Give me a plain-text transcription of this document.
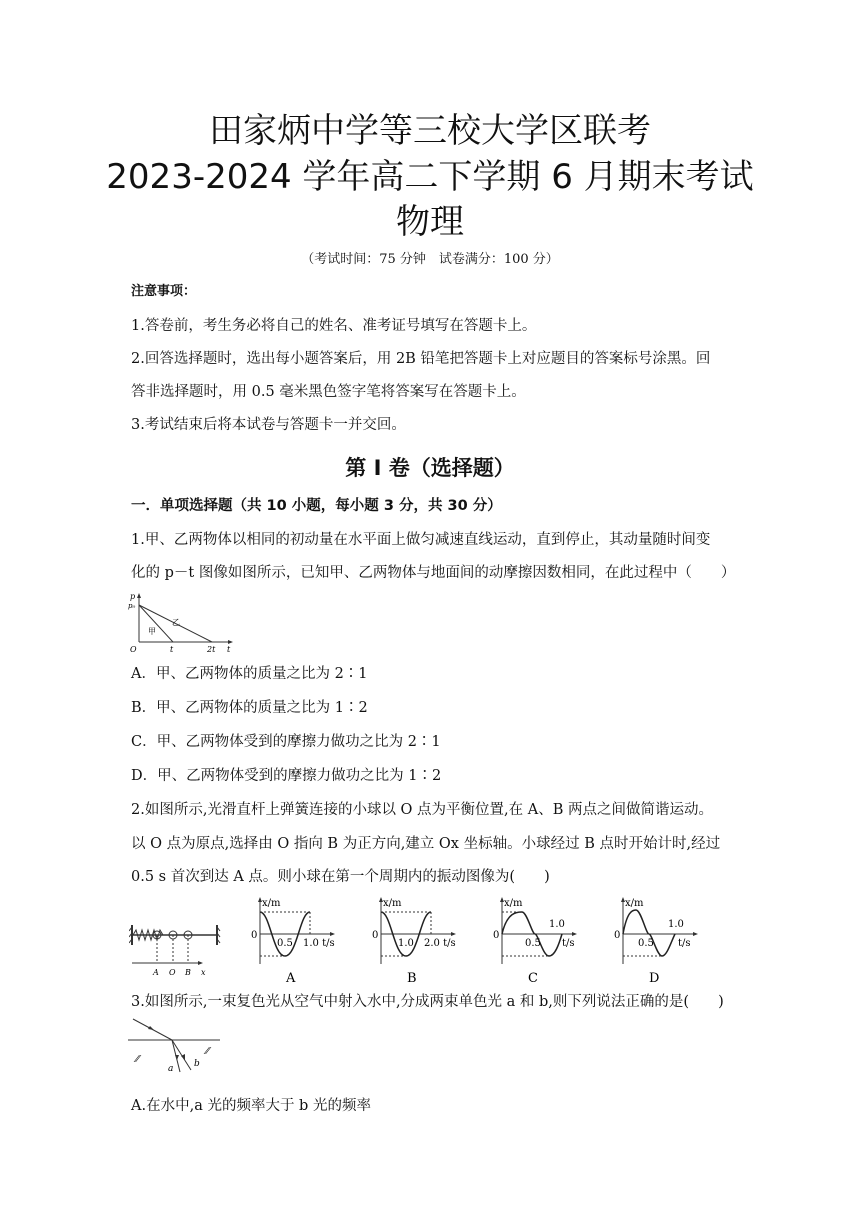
田家炳中学等三校大学区联考
2023-2024 学年高二下学期 6 月期末考试
物理
（考试时间：75 分钟　试卷满分：100 分）
注意事项：
1.答卷前，考生务必将自己的姓名、准考证号填写在答题卡上。
2.回答选择题时，选出每小题答案后，用 2B 铅笔把答题卡上对应题目的答案标号涂黑。回
答非选择题时，用 0.5 毫米黑色签字笔将答案写在答题卡上。
3.考试结束后将本试卷与答题卡一并交回。
第 I 卷（选择题）
一．单项选择题（共 10 小题，每小题 3 分，共 30 分）
1.甲、乙两物体以相同的初动量在水平面上做匀减速直线运动，直到停止，其动量随时间变
化的 p－t 图像如图所示，已知甲、乙两物体与地面间的动摩擦因数相同，在此过程中（　　）
p
p₀
O	t	2t t
甲
乙
A．甲、乙两物体的质量之比为 2∶1
B．甲、乙两物体的质量之比为 1∶2
C．甲、乙两物体受到的摩擦力做功之比为 2∶1
D．甲、乙两物体受到的摩擦力做功之比为 1∶2
2.如图所示,光滑直杆上弹簧连接的小球以 O 点为平衡位置,在 A、B 两点之间做简谐运动。
以 O 点为原点,选择由 O 指向 B 为正方向,建立 Ox 坐标轴。小球经过 B 点时开始计时,经过
0.5 s 首次到达 A 点。则小球在第一个周期内的振动图像为(　　)
A O B x
x/m
0
0.5 1.0 t/s
A
x/m
0
1.0 2.0 t/s
B
x/m
0
1.0
0.5 t/s
C
x/m
0
1.0
0.5 t/s
D
3.如图所示,一束复色光从空气中射入水中,分成两束单色光 a 和 b,则下列说法正确的是(　　)
⁄⁄
⁄⁄
a b
A.在水中,a 光的频率大于 b 光的频率
